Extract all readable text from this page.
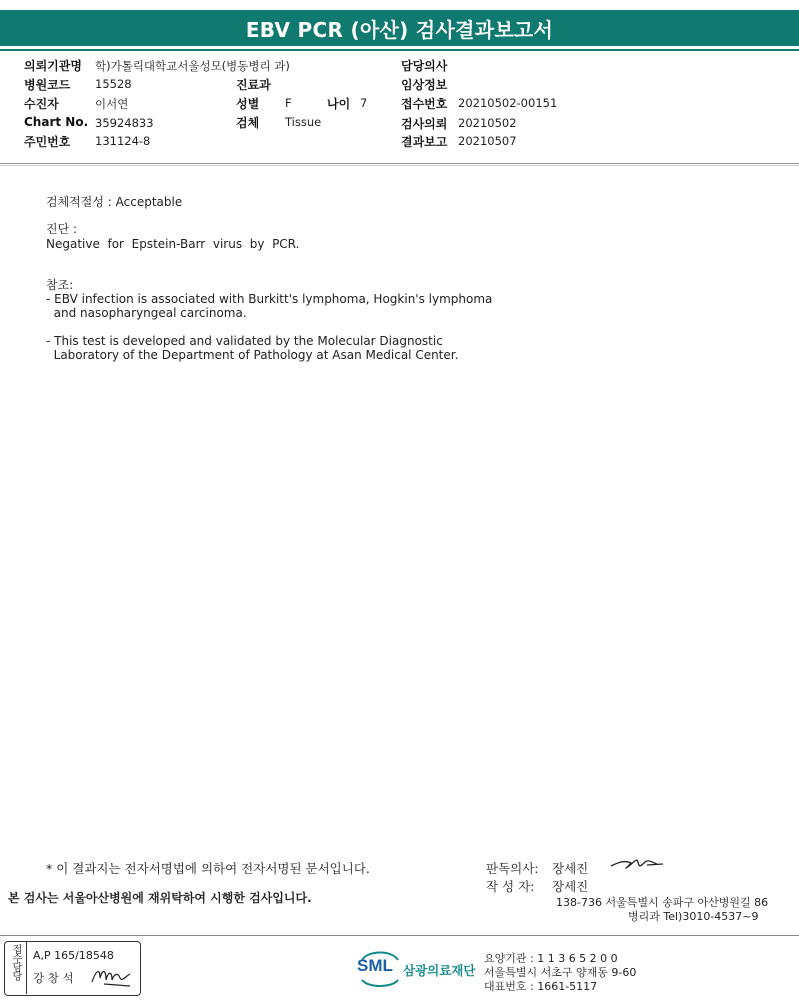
EBV PCR (아산) 검사결과보고서
의뢰기관명 학)가톨릭대학교서울성모(병동병리 과)
병원코드 15528
수진자	이서연
Chart No. 35924833
주민번호 131124-8
진료과
성별 F	나이 7
검체 Tissue
담당의사
임상정보
접수번호 20210502-00151
검사의뢰 20210502
결과보고 20210507
검체적절성 : Acceptable
진단 :
Negative  for  Epstein-Barr  virus  by  PCR.
참조:
- EBV infection is associated with Burkitt's lymphoma, Hogkin's lymphoma
and nasopharyngeal carcinoma.
- This test is developed and validated by the Molecular Diagnostic
Laboratory of the Department of Pathology at Asan Medical Center.
* 이 결과지는 전자서명법에 의하여 전자서명된 문서입니다.
본 검사는 서울아산병원에 재위탁하여 시행한 검사입니다.
판독의사: 장세진
작 성 자: 장세진
138-736 서울특별시 송파구 아산병원길 86
병리과 Tel)3010-4537~9
접수담당 A,P 165/18548
강 창 석
SML 삼광의료재단
요양기관 : 1 1 3 6 5 2 0 0
서울특별시 서초구 양재동 9-60
대표번호 : 1661-5117
